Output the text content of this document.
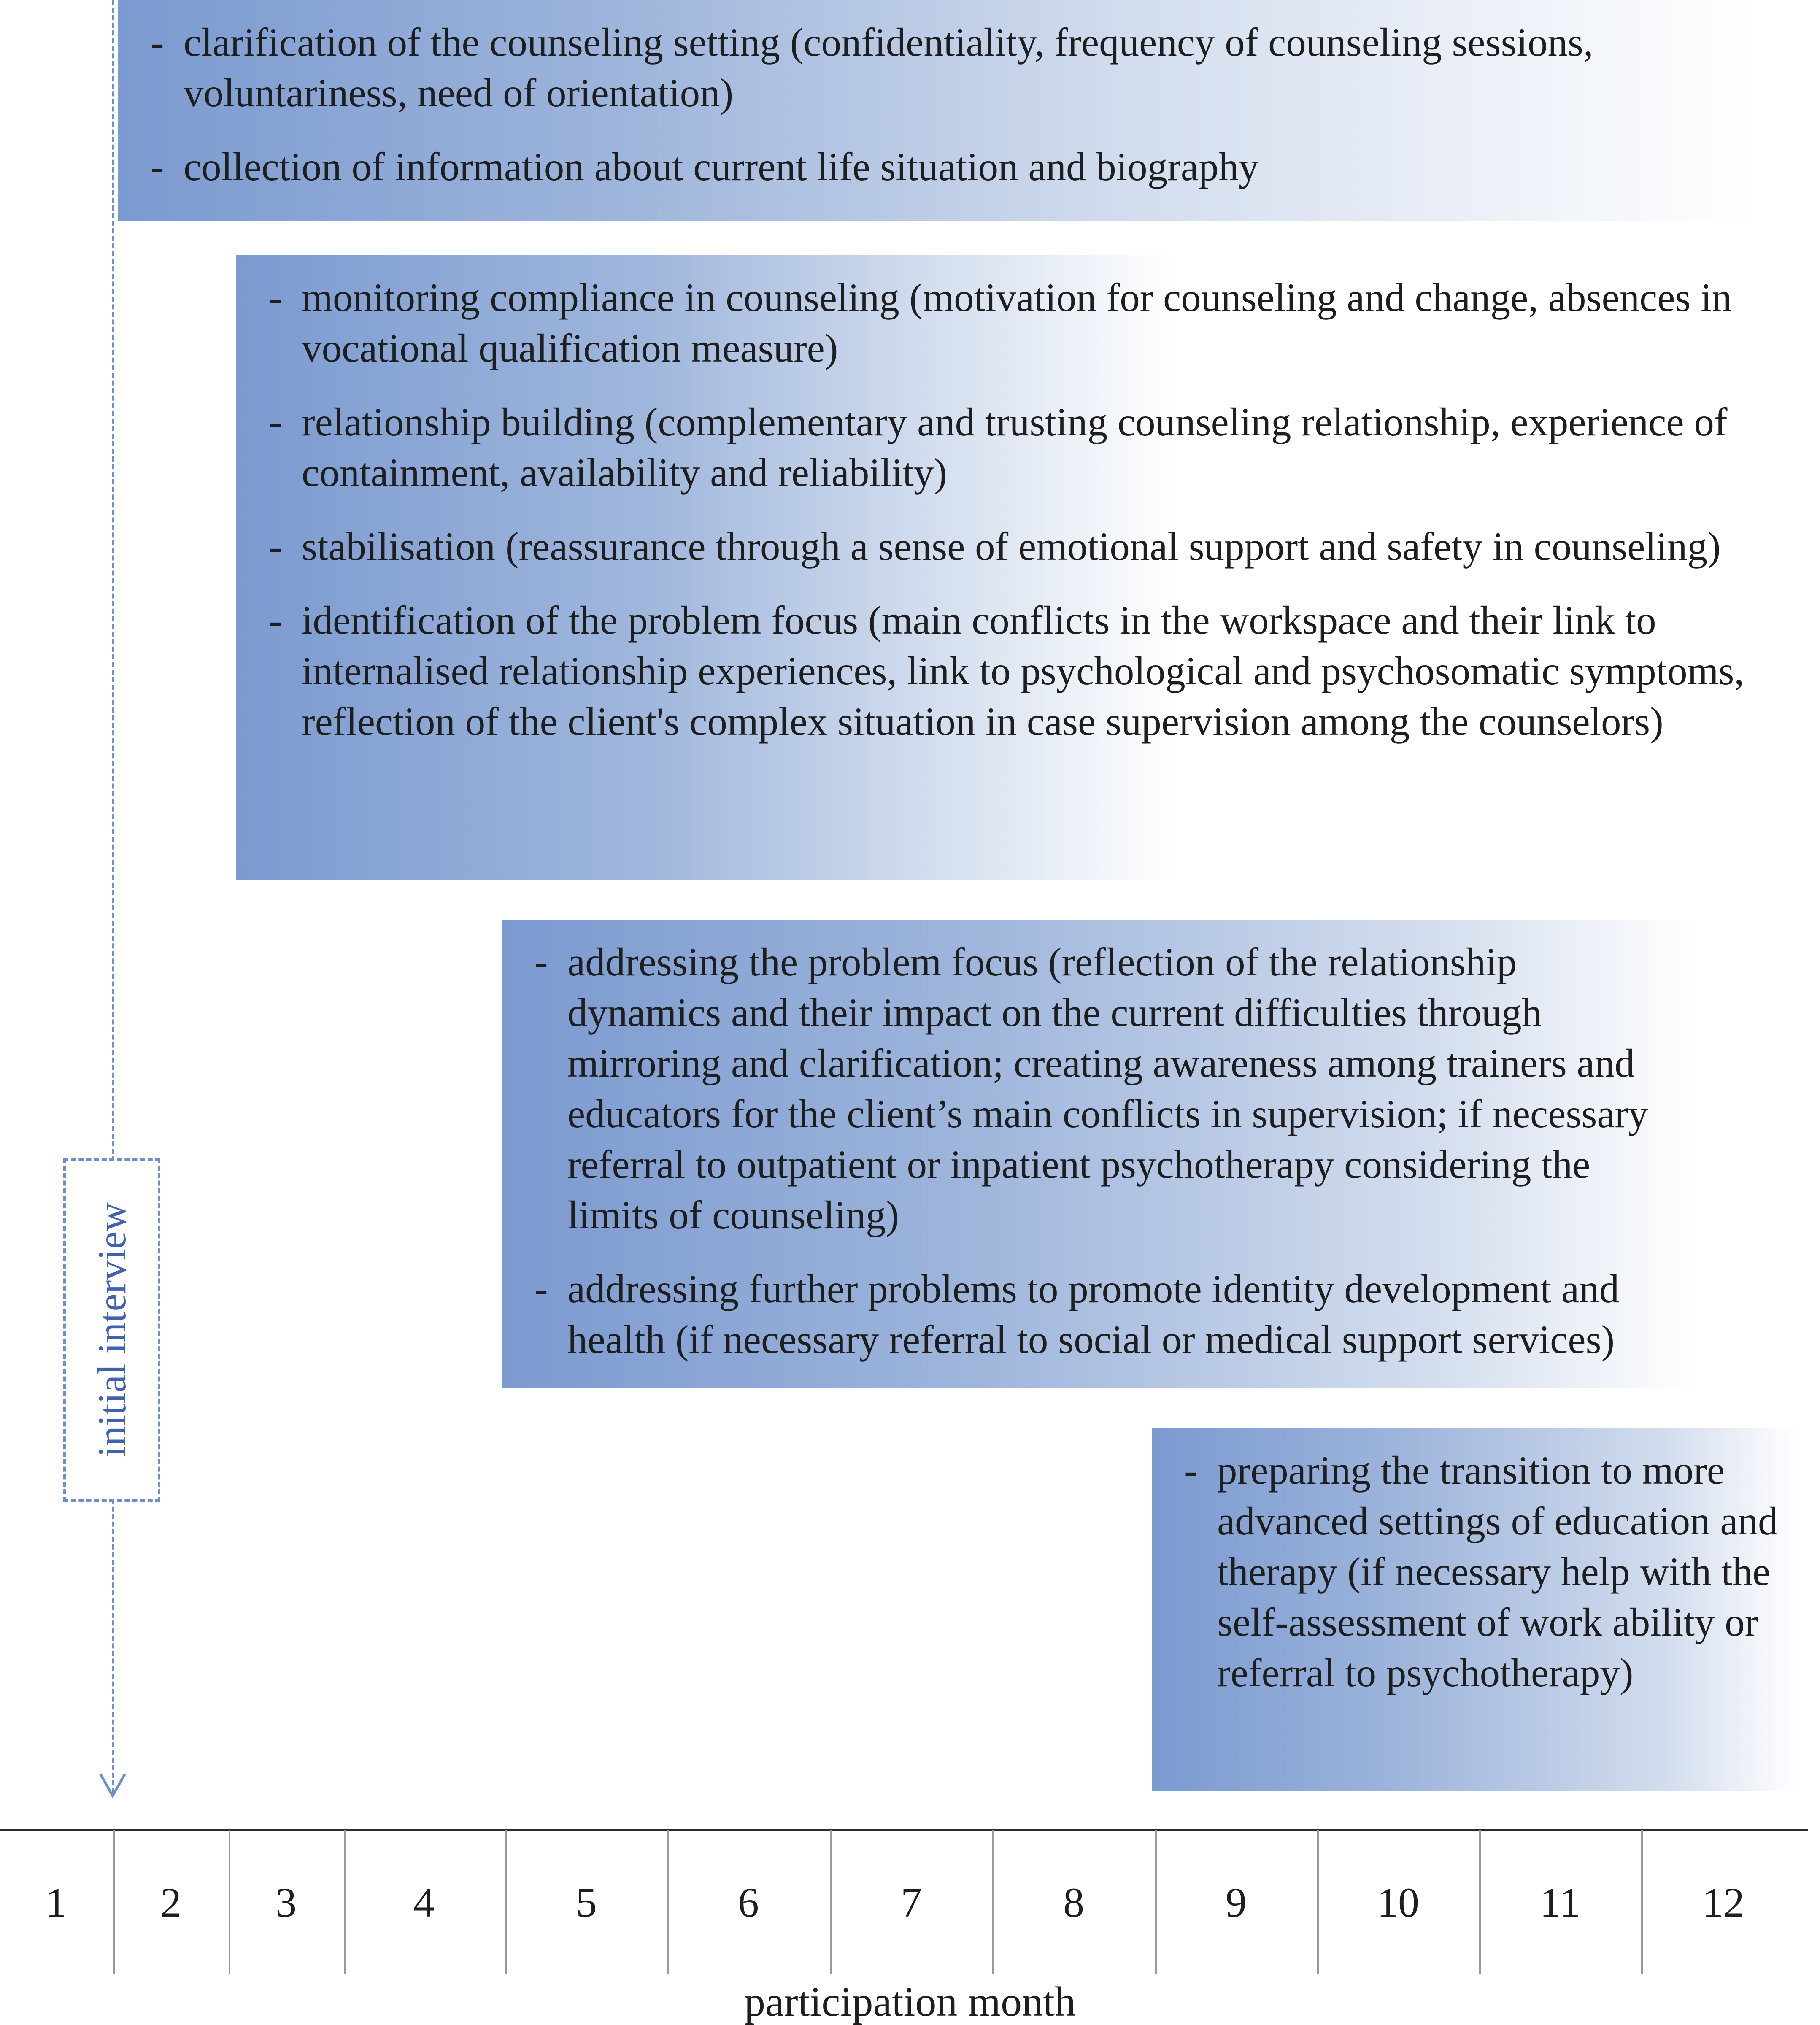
- clarification of the counseling setting (confidentiality, frequency of counseling sessions, voluntariness, need of orientation)
- collection of information about current life situation and biography
- monitoring compliance in counseling (motivation for counseling and change, absences in vocational qualification measure)
- relationship building (complementary and trusting counseling relationship, experience of containment, availability and reliability)
- stabilisation (reassurance through a sense of emotional support and safety in counseling)
- identification of the problem focus (main conflicts in the workspace and their link to internalised relationship experiences, link to psychological and psychosomatic symptoms, reflection of the client's complex situation in case supervision among the counselors)
- addressing the problem focus (reflection of the relationship dynamics and their impact on the current difficulties through mirroring and clarification; creating awareness among trainers and educators for the client’s main conflicts in supervision; if necessary referral to outpatient or inpatient psychotherapy considering the limits of counseling)
- addressing further problems to promote identity development and health (if necessary referral to social or medical support services)
- preparing the transition to more advanced settings of education and therapy (if necessary help with the self-assessment of work ability or referral to psychotherapy)
initial interview
1	2	3	4	5	6	7	8	9	10	11	12
participation month
